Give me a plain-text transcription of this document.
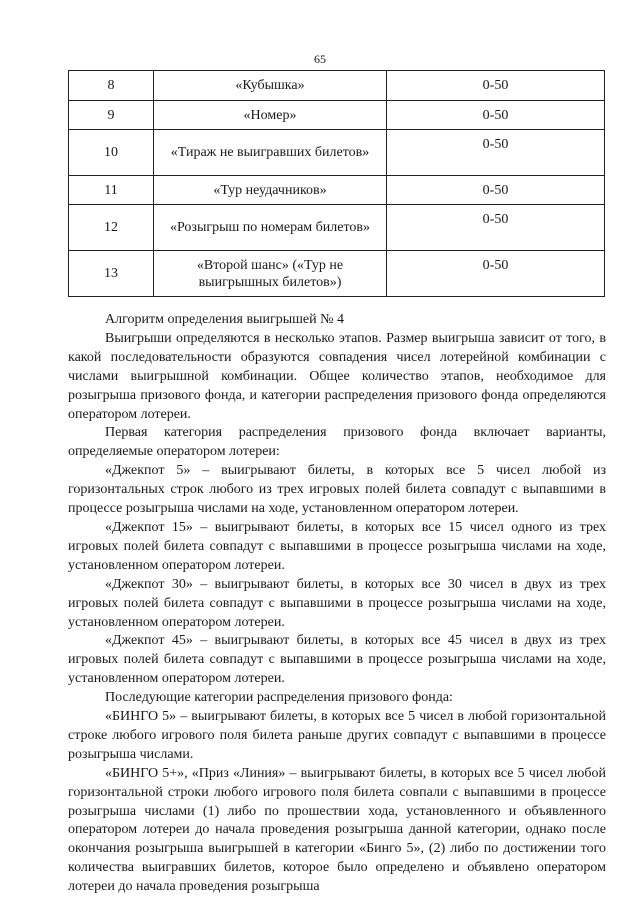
65
8	«Кубышка»	0-50
9	«Номер»	0-50
10	«Тираж не выигравших билетов»	0-50
11	«Тур неудачников»	0-50
12	«Розыгрыш по номерам билетов»	0-50
13	«Второй шанс» («Тур не выигрышных билетов»)	0-50

Алгоритм определения выигрышей № 4

Выигрыши определяются в несколько этапов. Размер выигрыша зависит от того, в какой последовательности образуются совпадения чисел лотерейной комбинации с числами выигрышной комбинации. Общее количество этапов, необходимое для розыгрыша призового фонда, и категории распределения призового фонда определяются оператором лотереи.

Первая категория распределения призового фонда включает варианты, определяемые оператором лотереи:

«Джекпот 5» – выигрывают билеты, в которых все 5 чисел любой из горизонтальных строк любого из трех игровых полей билета совпадут с выпавшими в процессе розыгрыша числами на ходе, установленном оператором лотереи.

«Джекпот 15» – выигрывают билеты, в которых все 15 чисел одного из трех игровых полей билета совпадут с выпавшими в процессе розыгрыша числами на ходе, установленном оператором лотереи.

«Джекпот 30» – выигрывают билеты, в которых все 30 чисел в двух из трех игровых полей билета совпадут с выпавшими в процессе розыгрыша числами на ходе, установленном оператором лотереи.

«Джекпот 45» – выигрывают билеты, в которых все 45 чисел в двух из трех игровых полей билета совпадут с выпавшими в процессе розыгрыша числами на ходе, установленном оператором лотереи.

Последующие категории распределения призового фонда:

«БИНГО 5» – выигрывают билеты, в которых все 5 чисел в любой горизонтальной строке любого игрового поля билета раньше других совпадут с выпавшими в процессе розыгрыша числами.

«БИНГО 5+», «Приз «Линия» – выигрывают билеты, в которых все 5 чисел любой горизонтальной строки любого игрового поля билета совпали с выпавшими в процессе розыгрыша числами (1) либо по прошествии хода, установленного и объявленного оператором лотереи до начала проведения розыгрыша данной категории, однако после окончания розыгрыша выигрышей в категории «Бинго 5», (2) либо по достижении того количества выигравших билетов, которое было определено и объявлено оператором лотереи до начала проведения розыгрыша
